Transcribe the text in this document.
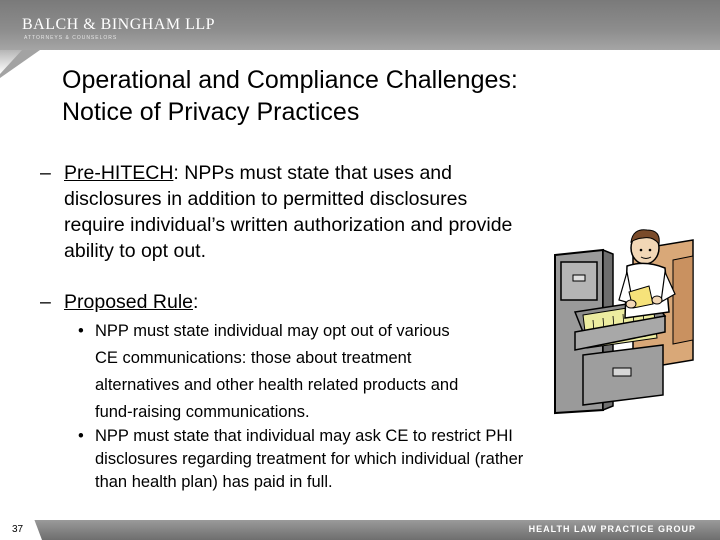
BALCH & BINGHAM LLP
ATTORNEYS & COUNSELORS
Operational and Compliance Challenges:
Notice of Privacy Practices
– Pre-HITECH: NPPs must state that uses and
disclosures in addition to permitted disclosures
require individual’s written authorization and provide
ability to opt out.
– Proposed Rule:
• NPP must state individual may opt out of various
CE communications: those about treatment
alternatives and other health related products and
fund-raising communications.
• NPP must state that individual may ask CE to restrict PHI
disclosures regarding treatment for which individual (rather
than health plan) has paid in full.
37	HEALTH LAW PRACTICE GROUP
